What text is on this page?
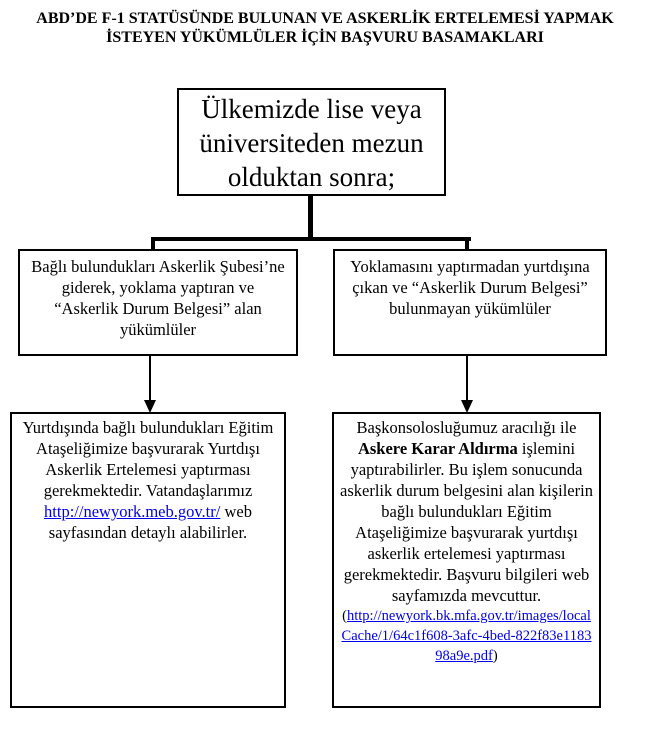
ABD’DE F-1 STATÜSÜNDE BULUNAN VE ASKERLİK ERTELEMESİ YAPMAK
İSTEYEN YÜKÜMLÜLER İÇİN BAŞVURU BASAMAKLARI
Ülkemizde lise veya üniversiteden mezun olduktan sonra;
Bağlı bulundukları Askerlik Şubesi’ne giderek, yoklama yaptıran ve “Askerlik Durum Belgesi” alan yükümlüler
Yoklamasını yaptırmadan yurtdışına çıkan ve “Askerlik Durum Belgesi” bulunmayan yükümlüler
Yurtdışında bağlı bulundukları Eğitim Ataşeliğimize başvurarak Yurtdışı Askerlik Ertelemesi yaptırması gerekmektedir. Vatandaşlarımız http://newyork.meb.gov.tr/ web sayfasından detaylı alabilirler.
Başkonsolosluğumuz aracılığı ile Askere Karar Aldırma işlemini yaptırabilirler. Bu işlem sonucunda askerlik durum belgesini alan kişilerin bağlı bulundukları Eğitim Ataşeliğimize başvurarak yurtdışı askerlik ertelemesi yaptırması gerekmektedir. Başvuru bilgileri web sayfamızda mevcuttur.
(http://newyork.bk.mfa.gov.tr/images/localCache/1/64c1f608-3afc-4bed-822f83e118398a9e.pdf)
